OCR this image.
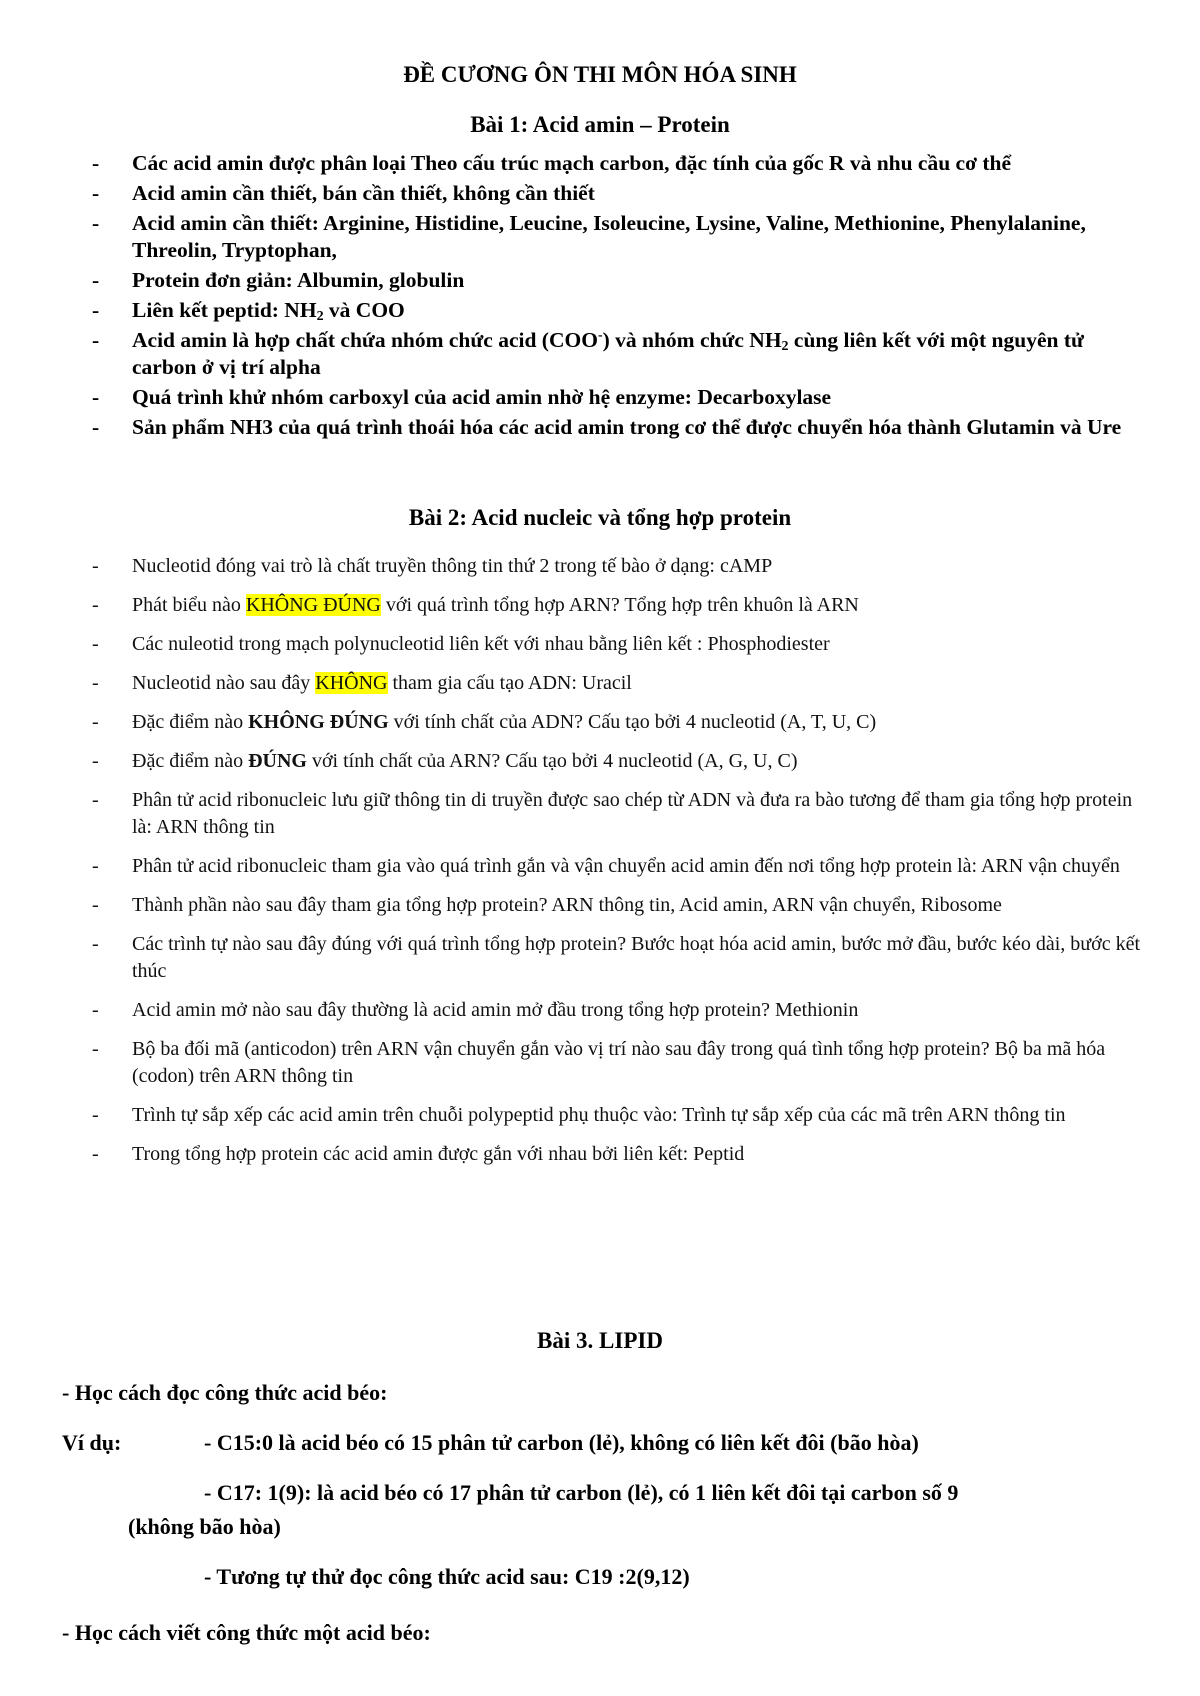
ĐỀ CƯƠNG ÔN THI MÔN HÓA SINH
Bài 1: Acid amin – Protein
- Các acid amin được phân loại Theo cấu trúc mạch carbon, đặc tính của gốc R và nhu cầu cơ thể
- Acid amin cần thiết, bán cần thiết, không cần thiết
- Acid amin cần thiết: Arginine, Histidine, Leucine, Isoleucine, Lysine, Valine, Methionine, Phenylalanine, Threolin, Tryptophan,
- Protein đơn giản: Albumin, globulin
- Liên kết peptid: $NH_2$ và COO
- Acid amin là hợp chất chứa nhóm chức acid (COO-) và nhóm chức $NH_2$ cùng liên kết với một nguyên tử carbon ở vị trí alpha
- Quá trình khử nhóm carboxyl của acid amin nhờ hệ enzyme: Decarboxylase
- Sản phẩm NH3 của quá trình thoái hóa các acid amin trong cơ thể được chuyển hóa thành Glutamin và Ure
Bài 2: Acid nucleic và tổng hợp protein
- Nucleotid đóng vai trò là chất truyền thông tin thứ 2 trong tế bào ở dạng: cAMP
- Phát biểu nào KHÔNG ĐÚNG với quá trình tổng hợp ARN? Tổng hợp trên khuôn là ARN
- Các nuleotid trong mạch polynucleotid liên kết với nhau bằng liên kết : Phosphodiester
- Nucleotid nào sau đây KHÔNG tham gia cấu tạo ADN: Uracil
- Đặc điểm nào KHÔNG ĐÚNG với tính chất của ADN? Cấu tạo bởi 4 nucleotid (A, T, U, C)
- Đặc điểm nào ĐÚNG với tính chất của ARN? Cấu tạo bởi 4 nucleotid (A, G, U, C)
- Phân tử acid ribonucleic lưu giữ thông tin di truyền được sao chép từ ADN và đưa ra bào tương để tham gia tổng hợp protein là: ARN thông tin
- Phân tử acid ribonucleic tham gia vào quá trình gắn và vận chuyển acid amin đến nơi tổng hợp protein là: ARN vận chuyển
- Thành phần nào sau đây tham gia tổng hợp protein? ARN thông tin, Acid amin, ARN vận chuyển, Ribosome
- Các trình tự nào sau đây đúng với quá trình tổng hợp protein? Bước hoạt hóa acid amin, bước mở đầu, bước kéo dài, bước kết thúc
- Acid amin mở nào sau đây thường là acid amin mở đầu trong tổng hợp protein? Methionin
- Bộ ba đối mã (anticodon) trên ARN vận chuyển gắn vào vị trí nào sau đây trong quá tình tổng hợp protein? Bộ ba mã hóa (codon) trên ARN thông tin
- Trình tự sắp xếp các acid amin trên chuỗi polypeptid phụ thuộc vào: Trình tự sắp xếp của các mã trên ARN thông tin
- Trong tổng hợp protein các acid amin được gắn với nhau bởi liên kết: Peptid
Bài 3. LIPID
- Học cách đọc công thức acid béo:
Ví dụ:	- C15:0 là acid béo có 15 phân tử carbon (lẻ), không có liên kết đôi (bão hòa)
- C17: 1(9): là acid béo có 17 phân tử carbon (lẻ), có 1 liên kết đôi tại carbon số 9
(không bão hòa)
- Tương tự thử đọc công thức acid sau: C19 :2(9,12)
- Học cách viết công thức một acid béo:
